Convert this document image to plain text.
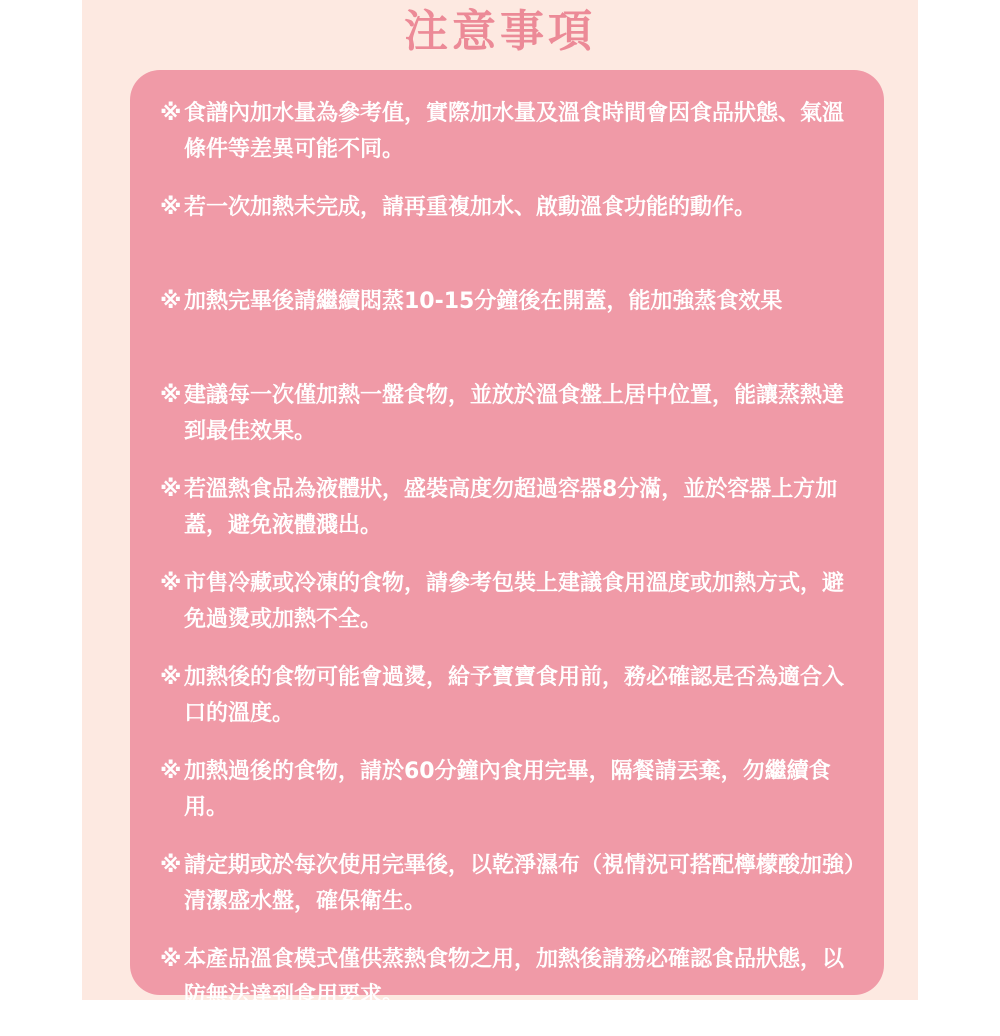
注意事項
※ 食譜內加水量為參考值，實際加水量及溫食時間會因食品狀態、氣溫條件等差異可能不同。
※ 若一次加熱未完成，請再重複加水、啟動溫食功能的動作。
※ 加熱完畢後請繼續悶蒸10-15分鐘後在開蓋，能加強蒸食效果
※ 建議每一次僅加熱一盤食物，並放於溫食盤上居中位置，能讓蒸熱達到最佳效果。
※ 若溫熱食品為液體狀，盛裝高度勿超過容器8分滿，並於容器上方加蓋，避免液體濺出。
※ 市售冷藏或冷凍的食物，請參考包裝上建議食用溫度或加熱方式，避免過燙或加熱不全。
※ 加熱後的食物可能會過燙，給予寶寶食用前，務必確認是否為適合入口的溫度。
※ 加熱過後的食物，請於60分鐘內食用完畢，隔餐請丟棄，勿繼續食用。
※ 請定期或於每次使用完畢後，以乾淨濕布（視情況可搭配檸檬酸加強）清潔盛水盤，確保衛生。
※ 本產品溫食模式僅供蒸熱食物之用，加熱後請務必確認食品狀態，以防無法達到食用要求。
